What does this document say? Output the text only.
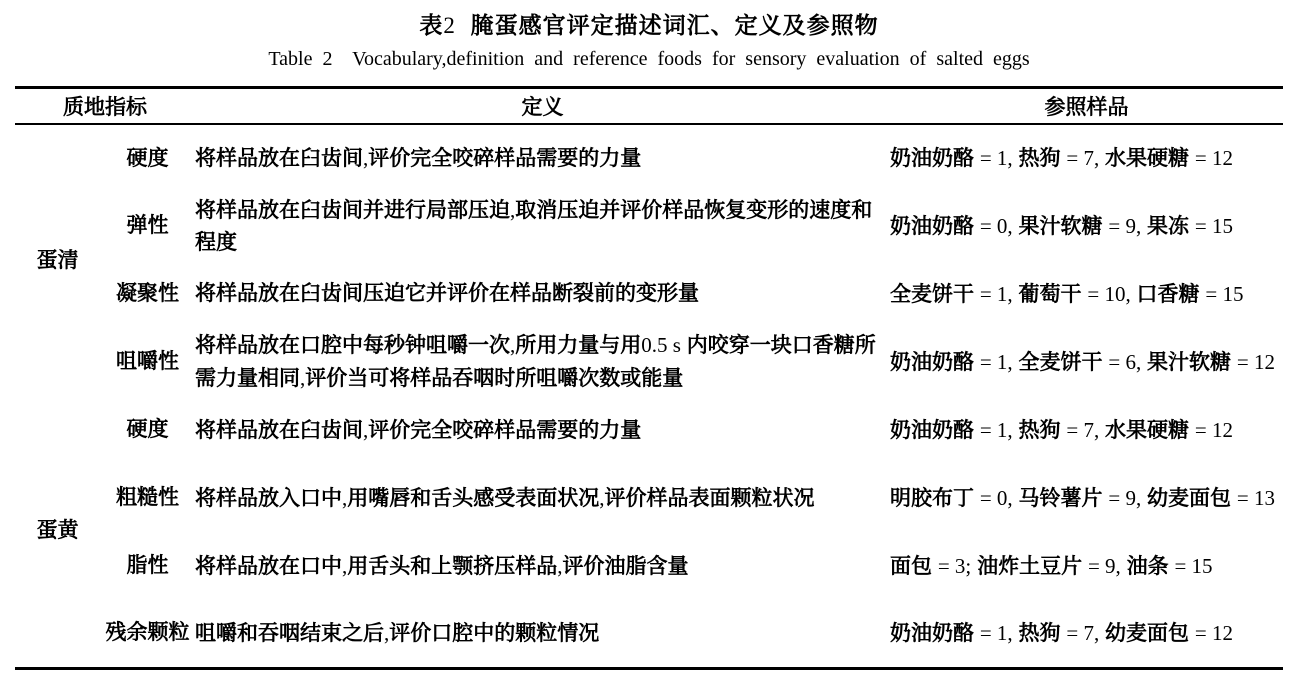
表2  腌蛋感官评定描述词汇、定义及参照物
Table 2  Vocabulary,definition and reference foods for sensory evaluation of salted eggs
质地指标		定义	参照样品
蛋清	硬度	将样品放在臼齿间,评价完全咬碎样品需要的力量	奶油奶酪 = 1, 热狗 = 7, 水果硬糖 = 12
	弹性	将样品放在臼齿间并进行局部压迫,取消压迫并评价样品恢复变形的速度和程度	奶油奶酪 = 0, 果汁软糖 = 9, 果冻 = 15
	凝聚性	将样品放在臼齿间压迫它并评价在样品断裂前的变形量	全麦饼干 = 1, 葡萄干 = 10, 口香糖 = 15
	咀嚼性	将样品放在口腔中每秒钟咀嚼一次,所用力量与用0.5 s 内咬穿一块口香糖所需力量相同,评价当可将样品吞咽时所咀嚼次数或能量	奶油奶酪 = 1, 全麦饼干 = 6, 果汁软糖 = 12
蛋黄	硬度	将样品放在臼齿间,评价完全咬碎样品需要的力量	奶油奶酪 = 1, 热狗 = 7, 水果硬糖 = 12
	粗糙性	将样品放入口中,用嘴唇和舌头感受表面状况,评价样品表面颗粒状况	明胶布丁 = 0, 马铃薯片 = 9, 幼麦面包 = 13
	脂性	将样品放在口中,用舌头和上颚挤压样品,评价油脂含量	面包 = 3; 油炸土豆片 = 9, 油条 = 15
	残余颗粒	咀嚼和吞咽结束之后,评价口腔中的颗粒情况	奶油奶酪 = 1, 热狗 = 7, 幼麦面包 = 12
